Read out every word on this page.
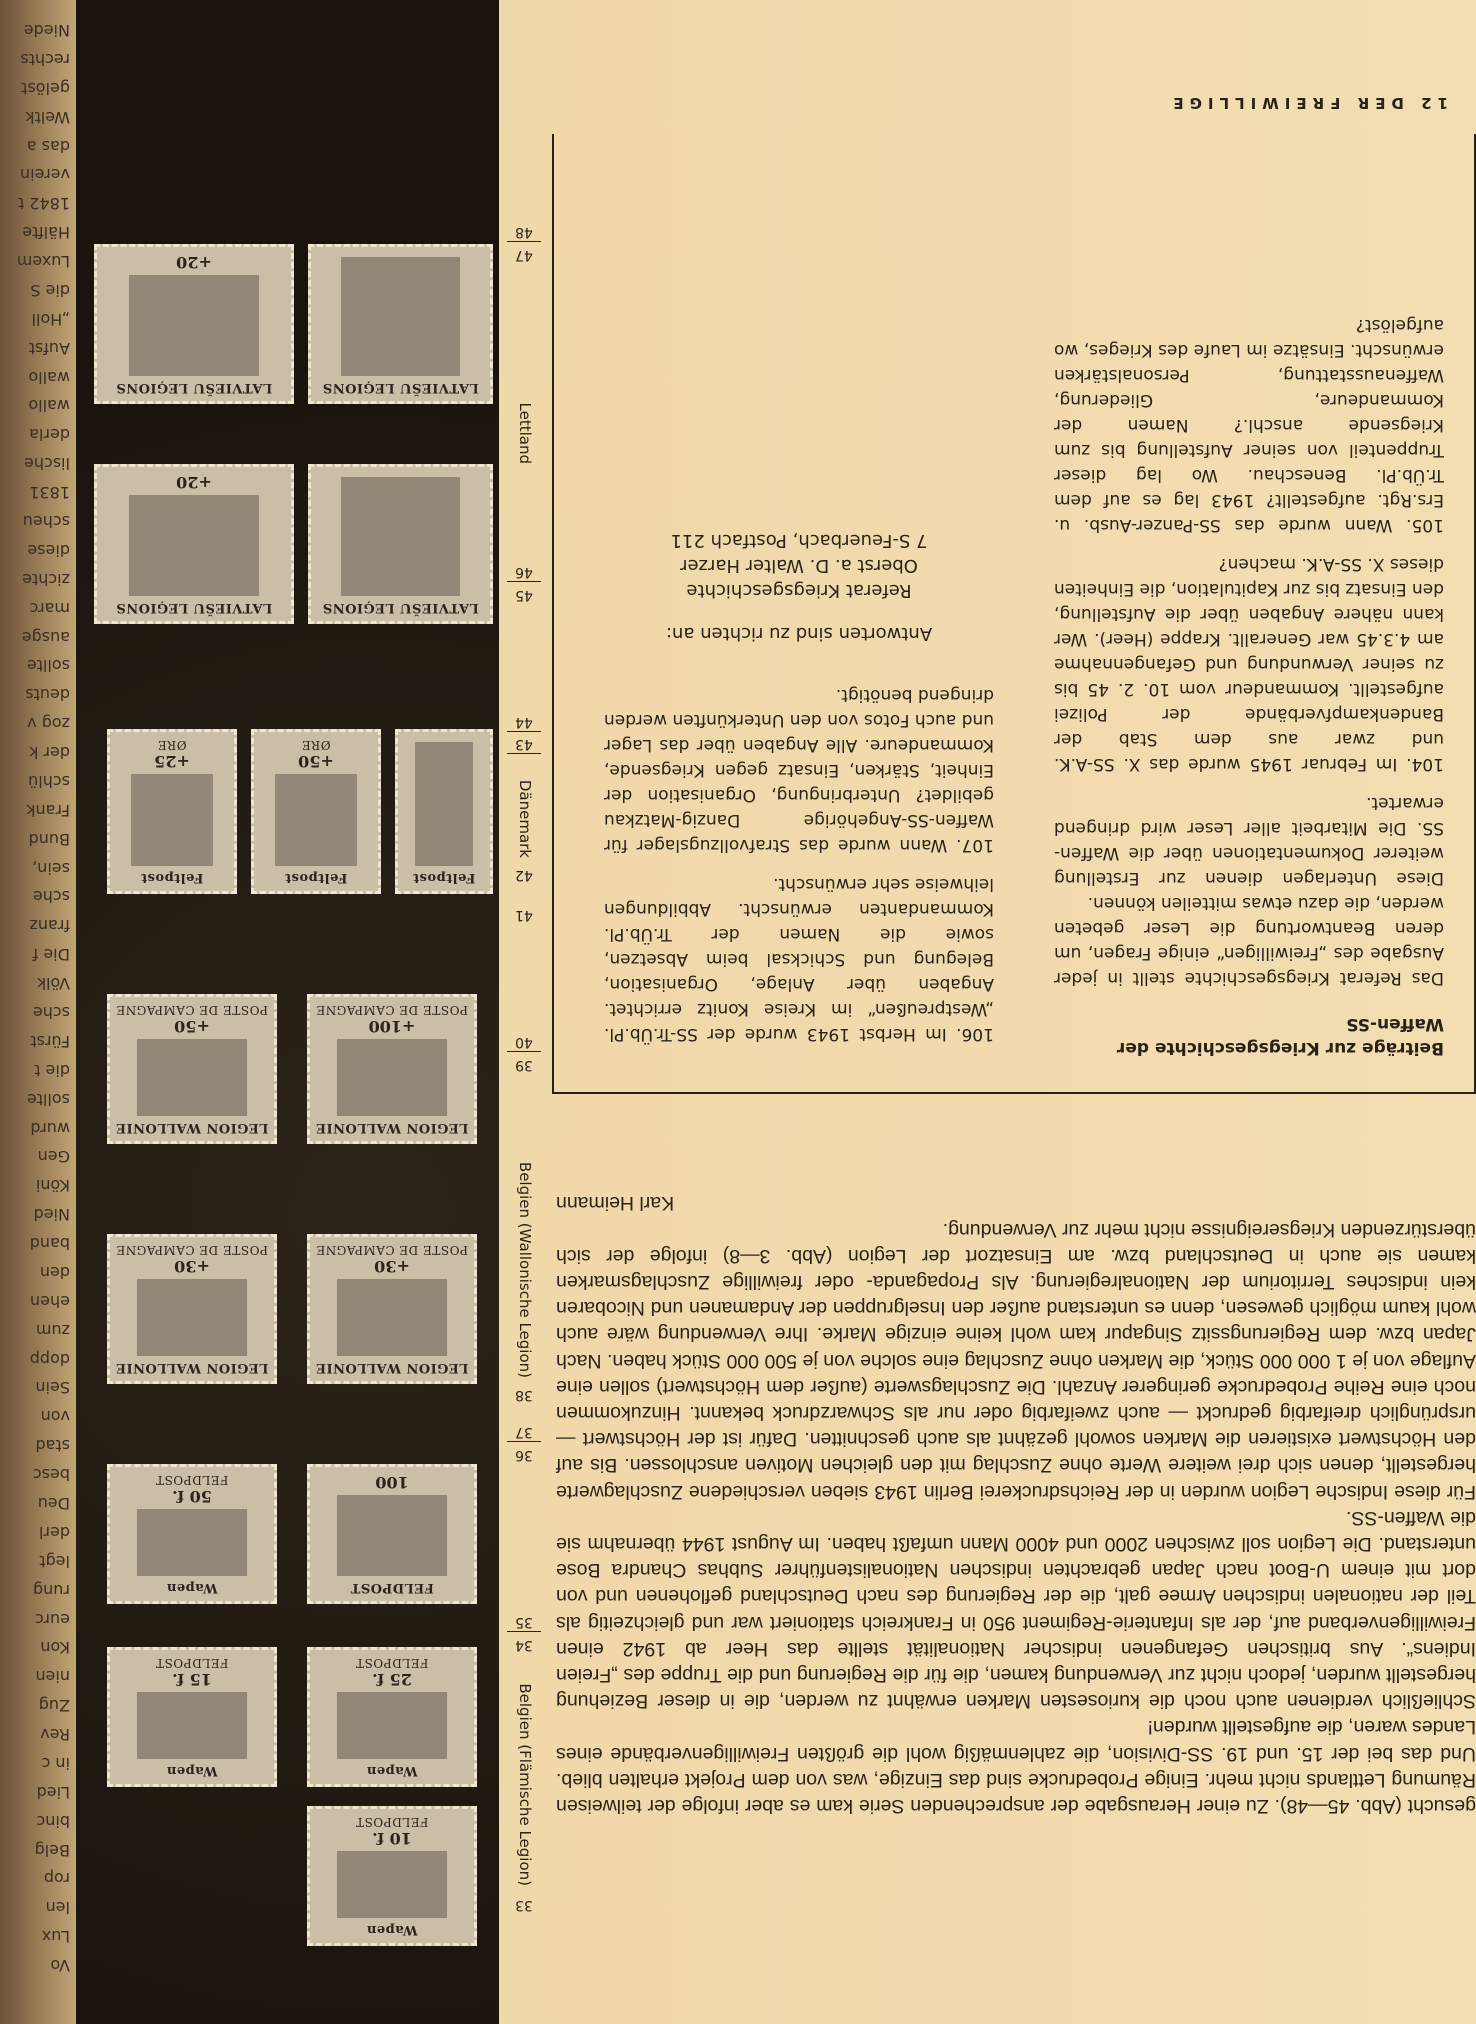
12 DER FREIWILLIGE

gesucht (Abb. 45—48). Zu einer Herausgabe der ansprechenden Serie kam es aber infolge der teilweisen Räumung Lettlands nicht mehr. Einige Probedrucke sind das Einzige, was von dem Projekt erhalten blieb. Und das bei der 15. und 19. SS-Division, die zahlenmäßig wohl die größten Freiwilligenverbände eines Landes waren, die aufgestellt wurden!

Schließlich verdienen auch noch die kuriosesten Marken erwähnt zu werden, die in dieser Beziehung hergestellt wurden, jedoch nicht zur Verwendung kamen, die für die Regierung und die Truppe des „Freien Indiens“. Aus britischen Gefangenen indischer Nationalität stellte das Heer ab 1942 einen Freiwilligenverband auf, der als Infanterie-Regiment 950 in Frankreich stationiert war und gleichzeitig als Teil der nationalen indischen Armee galt, die der Regierung des nach Deutschland geflohenen und von dort mit einem U-Boot nach Japan gebrachten indischen Nationalistenführer Subhas Chandra Bose unterstand. Die Legion soll zwischen 2000 und 4000 Mann umfaßt haben. Im August 1944 übernahm sie die Waffen-SS.

Für diese Indische Legion wurden in der Reichsdruckerei Berlin 1943 sieben verschiedene Zuschlagwerte hergestellt, denen sich drei weitere Werte ohne Zuschlag mit den gleichen Motiven anschlossen. Bis auf den Höchstwert existieren die Marken sowohl gezähnt als auch geschnitten. Dafür ist der Höchstwert — ursprünglich dreifarbig gedruckt — auch zweifarbig oder nur als Schwarzdruck bekannt. Hinzukommen noch eine Reihe Probedrucke geringerer Anzahl. Die Zuschlagswerte (außer dem Höchstwert) sollen eine Auflage von je 1 000 000 Stück, die Marken ohne Zuschlag eine solche von je 500 000 Stück haben. Nach Japan bzw. dem Regierungssitz Singapur kam wohl keine einzige Marke. Ihre Verwendung wäre auch wohl kaum möglich gewesen, denn es unterstand außer den Inselgruppen der Andamanen und Nicobaren kein indisches Territorium der Nationalregierung. Als Propaganda- oder freiwillige Zuschlagsmarken kamen sie auch in Deutschland bzw. am Einsatzort der Legion (Abb. 3—8) infolge der sich überstürzenden Kriegsereignisse nicht mehr zur Verwendung.

Karl Heimann
Beiträge zur Kriegsgeschichte der Waffen-SS

Das Referat Kriegsgeschichte stellt in jeder Ausgabe des „Freiwilligen“ einige Fragen, um deren Beantwortung die Leser gebeten werden, die dazu etwas mitteilen können.

Diese Unterlagen dienen zur Erstellung weiterer Dokumentationen über die Waffen-SS. Die Mitarbeit aller Leser wird dringend erwartet.

104. Im Februar 1945 wurde das X. SS-A.K. und zwar aus dem Stab der Bandenkampfverbände der Polizei aufgestellt. Kommandeur vom 10. 2. 45 bis zu seiner Verwundung und Gefangennahme am 4.3.45 war Generallt. Krappe (Heer). Wer kann nähere Angaben über die Aufstellung, den Einsatz bis zur Kapitulation, die Einheiten dieses X. SS-A.K. machen?

105. Wann wurde das SS-Panzer-Ausb. u. Ers.Rgt. aufgestellt? 1943 lag es auf dem Tr.Üb.Pl. Beneschau. Wo lag dieser Truppenteil von seiner Aufstellung bis zum Kriegsende anschl.? Namen der Kommandeure, Gliederung, Waffenausstattung, Personalstärken erwünscht. Einsätze im Laufe des Krieges, wo aufgelöst?

106. Im Herbst 1943 wurde der SS-Tr.Üb.Pl. „Westpreußen“ im Kreise Konitz errichtet. Angaben über Anlage, Organisation, Belegung und Schicksal beim Absetzen, sowie die Namen der Tr.Üb.Pl. Kommandanten erwünscht. Abbildungen leihweise sehr erwünscht.

107. Wann wurde das Strafvollzugslager für Waffen-SS-Angehörige Danzig-Matzkau gebildet? Unterbringung, Organisation der Einheit, Stärken, Einsatz gegen Kriegsende, Kommandeure. Alle Angaben über das Lager und auch Fotos von den Unterkünften werden dringend benötigt.

Antworten sind zu richten an:
Referat Kriegsgeschichte
Oberst a. D. Walter Harzer
7 S-Feuerbach, Postfach 211
33
Belgien (Flämische Legion)
34
35
36
37
38
Belgien (Wallonische Legion)
39
40
41
42
Dänemark
43
44
45
46
Lettland
47
48
Wapen
10 f.
FELDPOST
Wapen
15 f.
FELDPOST
Wapen
25 f.
FELDPOST
Wapen
50 f.
FELDPOST
FELDPOST
100
LEGION WALLONIE
+30
POSTE DE CAMPAGNE
LEGION WALLONIE
+30
POSTE DE CAMPAGNE
LEGION WALLONIE
+50
POSTE DE CAMPAGNE
LEGION WALLONIE
+100
POSTE DE CAMPAGNE
Feltpost
+25
ØRE
Feltpost
+50
ØRE
Feltpost
LATVIEŠU LEĢIONS
+20
LATVIEŠU LEĢIONS
LATVIEŠU LEĢIONS
+20
LATVIEŠU LEĢIONS
Niede
rechts
gelöst
Weltk
das a
verein
1842 t
Hälfte
Luxem
die S
„Holl
Aufst
wallo
wallo
derla
lische
1831
scheu
diese
zichte
marc
ausge
sollte
deuts
zog v
der k
schlü
Frank
Bund
sein,
sche
franz
Die f
Völk
sche
Fürst
die t
sollte
wurd
Gen
Köni
Nied
band
den
ehen
zum
dopp
Sein
von
stad
besc
Deu
derl
legt
rung
eurc
Kon
nien
Zug
Rev
in c
Lied
binc
Belg
rop
len
Lux
Vo
